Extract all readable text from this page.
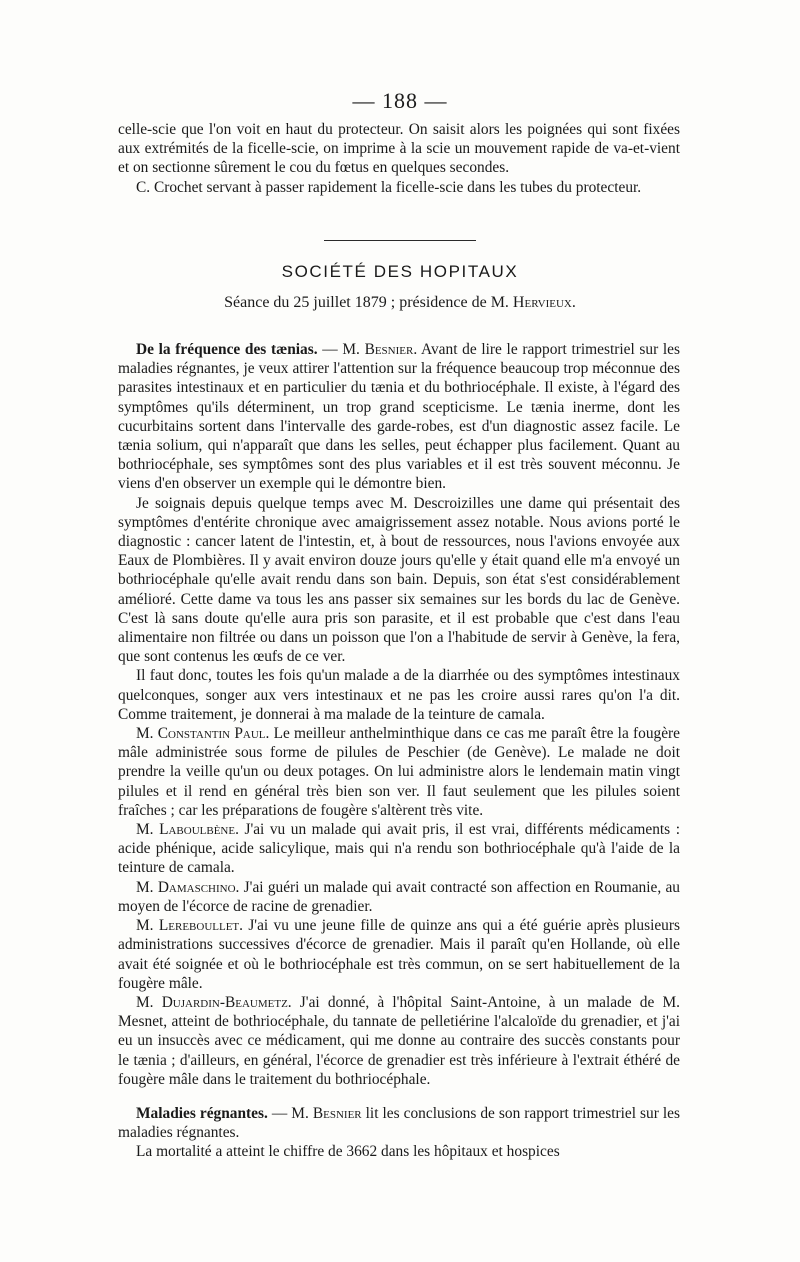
— 188 —

celle-scie que l'on voit en haut du protecteur. On saisit alors les poignées qui sont fixées aux extrémités de la ficelle-scie, on imprime à la scie un mouvement rapide de va-et-vient et on sectionne sûrement le cou du fœtus en quelques secondes.

C. Crochet servant à passer rapidement la ficelle-scie dans les tubes du protecteur.

SOCIÉTÉ DES HOPITAUX
Séance du 25 juillet 1879 ; présidence de M. Hervieux.

De la fréquence des tænias. — M. Besnier. Avant de lire le rapport trimestriel sur les maladies régnantes, je veux attirer l'attention sur la fréquence beaucoup trop méconnue des parasites intestinaux et en particulier du tænia et du bothriocéphale. Il existe, à l'égard des symptômes qu'ils déterminent, un trop grand scepticisme. Le tænia inerme, dont les cucurbitains sortent dans l'intervalle des garde-robes, est d'un diagnostic assez facile. Le tænia solium, qui n'apparaît que dans les selles, peut échapper plus facilement. Quant au bothriocéphale, ses symptômes sont des plus variables et il est très souvent méconnu. Je viens d'en observer un exemple qui le démontre bien.

Je soignais depuis quelque temps avec M. Descroizilles une dame qui présentait des symptômes d'entérite chronique avec amaigrissement assez notable. Nous avions porté le diagnostic : cancer latent de l'intestin, et, à bout de ressources, nous l'avions envoyée aux Eaux de Plombières. Il y avait environ douze jours qu'elle y était quand elle m'a envoyé un bothriocéphale qu'elle avait rendu dans son bain. Depuis, son état s'est considérablement amélioré. Cette dame va tous les ans passer six semaines sur les bords du lac de Genève. C'est là sans doute qu'elle aura pris son parasite, et il est probable que c'est dans l'eau alimentaire non filtrée ou dans un poisson que l'on a l'habitude de servir à Genève, la fera, que sont contenus les œufs de ce ver.

Il faut donc, toutes les fois qu'un malade a de la diarrhée ou des symptômes intestinaux quelconques, songer aux vers intestinaux et ne pas les croire aussi rares qu'on l'a dit. Comme traitement, je donnerai à ma malade de la teinture de camala.

M. Constantin Paul. Le meilleur anthelminthique dans ce cas me paraît être la fougère mâle administrée sous forme de pilules de Peschier (de Genève). Le malade ne doit prendre la veille qu'un ou deux potages. On lui administre alors le lendemain matin vingt pilules et il rend en général très bien son ver. Il faut seulement que les pilules soient fraîches ; car les préparations de fougère s'altèrent très vite.

M. Laboulbène. J'ai vu un malade qui avait pris, il est vrai, différents médicaments : acide phénique, acide salicylique, mais qui n'a rendu son bothriocéphale qu'à l'aide de la teinture de camala.

M. Damaschino. J'ai guéri un malade qui avait contracté son affection en Roumanie, au moyen de l'écorce de racine de grenadier.

M. Lereboullet. J'ai vu une jeune fille de quinze ans qui a été guérie après plusieurs administrations successives d'écorce de grenadier. Mais il paraît qu'en Hollande, où elle avait été soignée et où le bothriocéphale est très commun, on se sert habituellement de la fougère mâle.

M. Dujardin-Beaumetz. J'ai donné, à l'hôpital Saint-Antoine, à un malade de M. Mesnet, atteint de bothriocéphale, du tannate de pelletiérine l'alcaloïde du grenadier, et j'ai eu un insuccès avec ce médicament, qui me donne au contraire des succès constants pour le tænia ; d'ailleurs, en général, l'écorce de grenadier est très inférieure à l'extrait éthéré de fougère mâle dans le traitement du bothriocéphale.

Maladies régnantes. — M. Besnier lit les conclusions de son rapport trimestriel sur les maladies régnantes.

La mortalité a atteint le chiffre de 3662 dans les hôpitaux et hospices
